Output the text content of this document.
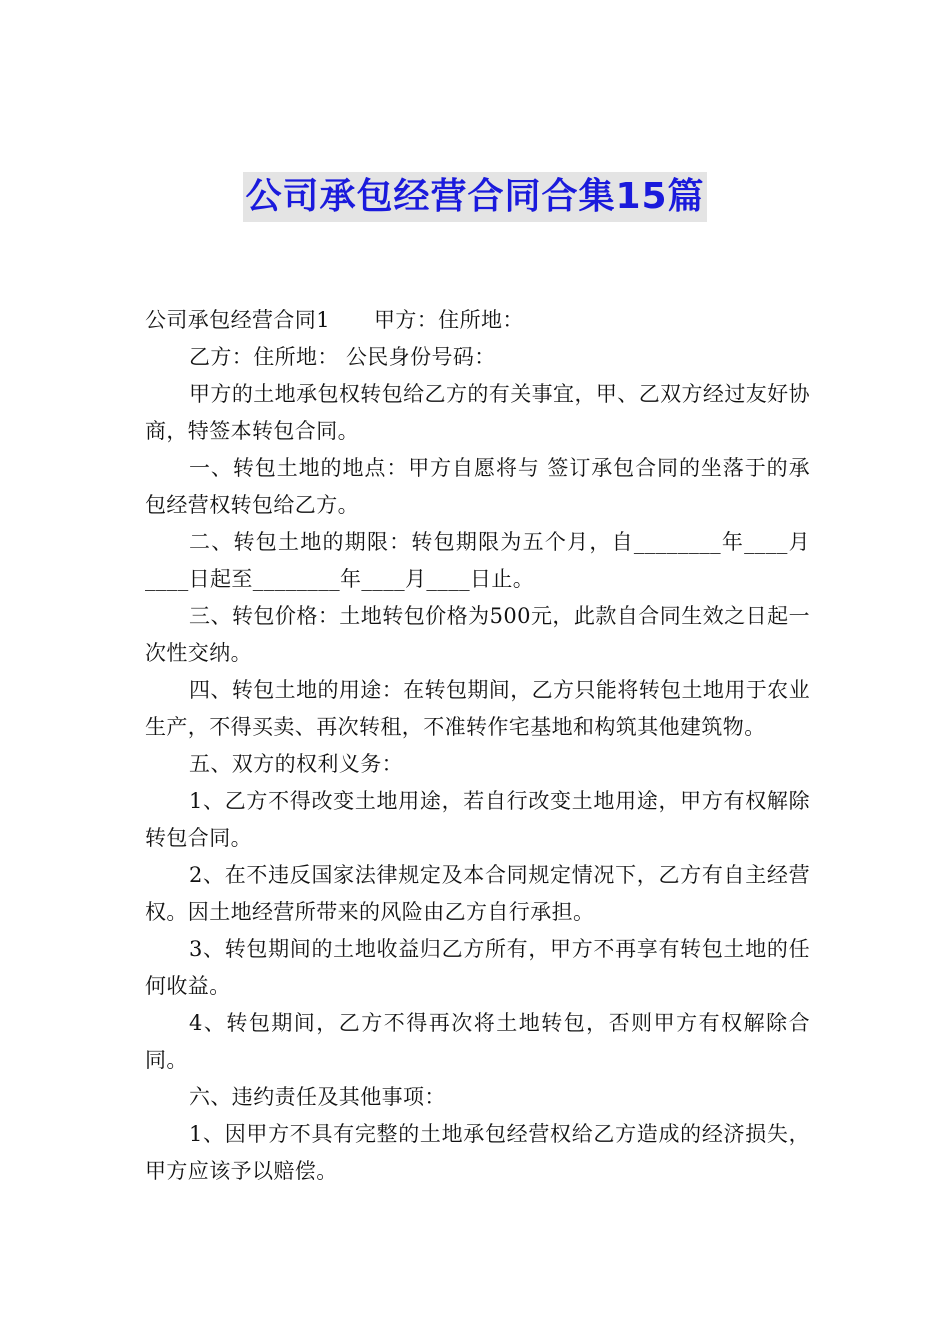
公司承包经营合同合集15篇

公司承包经营合同1 甲方：住所地：

乙方：住所地： 公民身份号码：

甲方的土地承包权转包给乙方的有关事宜，甲、乙双方经过友好协商，特签本转包合同。

一、转包土地的地点：甲方自愿将与 签订承包合同的坐落于的承包经营权转包给乙方。

二、转包土地的期限：转包期限为五个月，自________年____月____日起至________年____月____日止。

三、转包价格：土地转包价格为500元，此款自合同生效之日起一次性交纳。

四、转包土地的用途：在转包期间，乙方只能将转包土地用于农业生产，不得买卖、再次转租，不准转作宅基地和构筑其他建筑物。

五、双方的权利义务：

1、乙方不得改变土地用途，若自行改变土地用途，甲方有权解除转包合同。

2、在不违反国家法律规定及本合同规定情况下，乙方有自主经营权。因土地经营所带来的风险由乙方自行承担。

3、转包期间的土地收益归乙方所有，甲方不再享有转包土地的任何收益。

4、转包期间，乙方不得再次将土地转包，否则甲方有权解除合同。

六、违约责任及其他事项：

1、因甲方不具有完整的土地承包经营权给乙方造成的经济损失，甲方应该予以赔偿。
